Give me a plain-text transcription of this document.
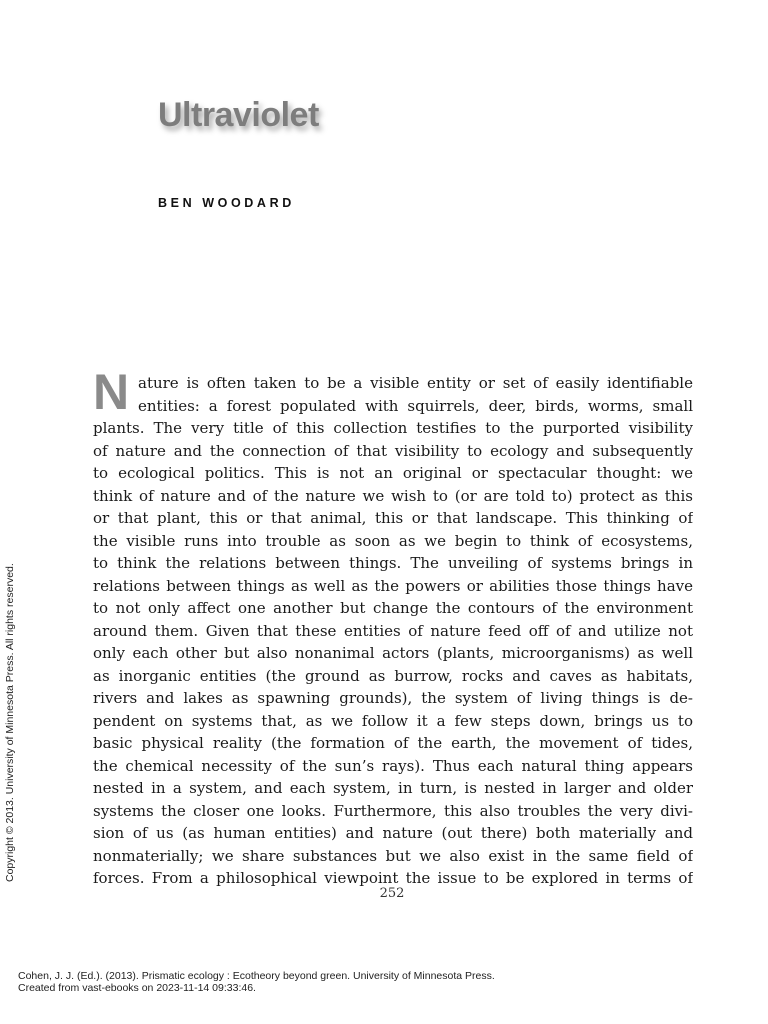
Ultraviolet
BEN WOODARD
N ature is often taken to be a visible entity or set of easily identifiable
entities: a forest populated with squirrels, deer, birds, worms, small
plants. The very title of this collection testifies to the purported visibility
of nature and the connection of that visibility to ecology and subsequently
to ecological politics. This is not an original or spectacular thought: we
think of nature and of the nature we wish to (or are told to) protect as this
or that plant, this or that animal, this or that landscape. This thinking of
the visible runs into trouble as soon as we begin to think of ecosystems,
to think the relations between things. The unveiling of systems brings in
relations between things as well as the powers or abilities those things have
to not only affect one another but change the contours of the environment
around them. Given that these entities of nature feed off of and utilize not
only each other but also nonanimal actors (plants, microorganisms) as well
as inorganic entities (the ground as burrow, rocks and caves as habitats,
rivers and lakes as spawning grounds), the system of living things is de-
pendent on systems that, as we follow it a few steps down, brings us to
basic physical reality (the formation of the earth, the movement of tides,
the chemical necessity of the sun’s rays). Thus each natural thing appears
nested in a system, and each system, in turn, is nested in larger and older
systems the closer one looks. Furthermore, this also troubles the very divi-
sion of us (as human entities) and nature (out there) both materially and
nonmaterially; we share substances but we also exist in the same field of
forces. From a philosophical viewpoint the issue to be explored in terms of
252
Copyright © 2013. University of Minnesota Press. All rights reserved.
Cohen, J. J. (Ed.). (2013). Prismatic ecology : Ecotheory beyond green. University of Minnesota Press.
Created from vast-ebooks on 2023-11-14 09:33:46.
